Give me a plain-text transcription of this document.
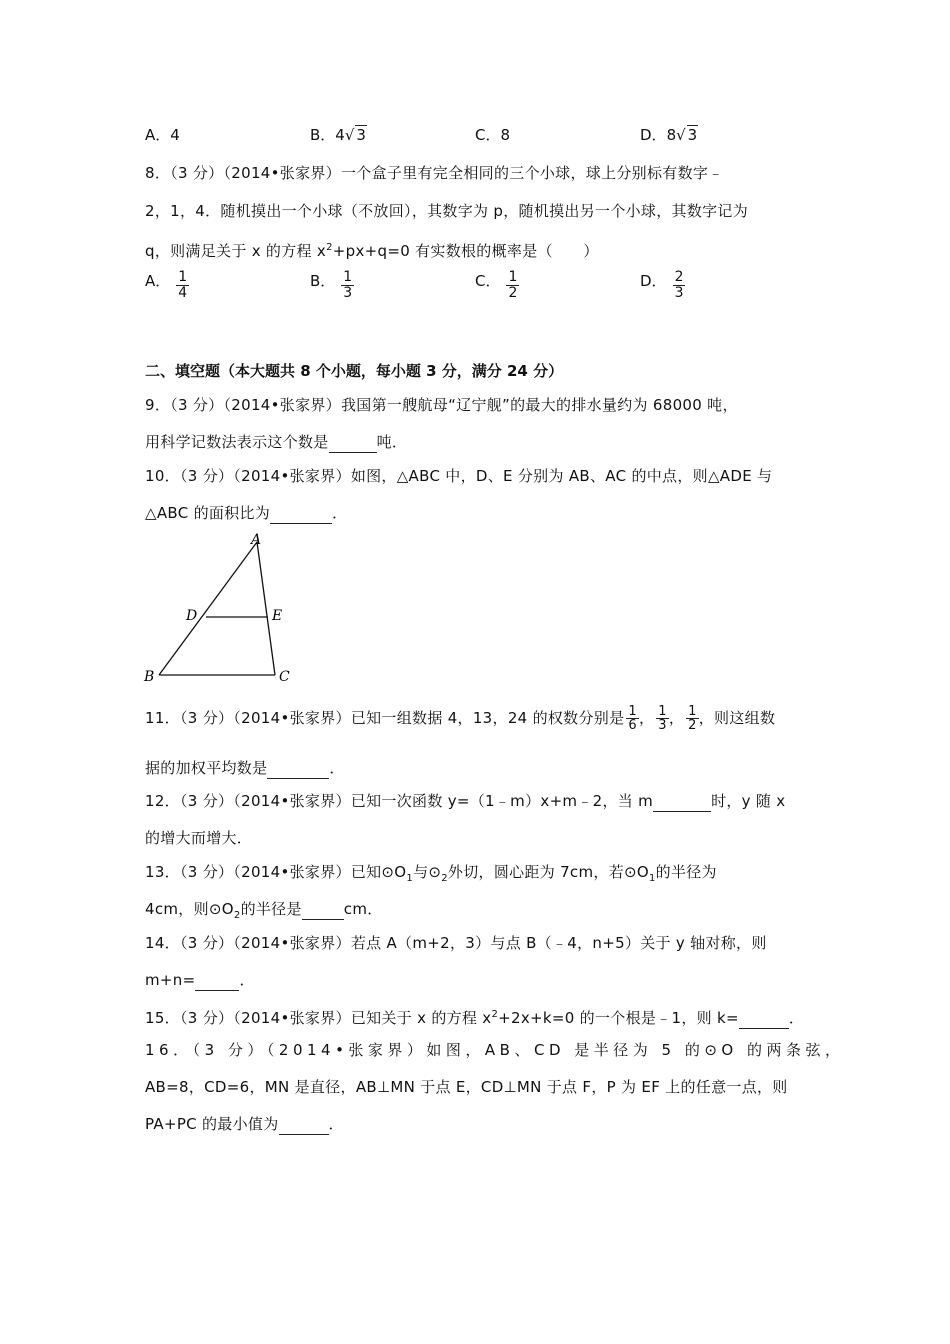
A．4	B．4√ 3	C．8	D．8√ 3
8．（3 分）（2014•张家界）一个盒子里有完全相同的三个小球，球上分别标有数字﹣
2，1，4．随机摸出一个小球（不放回），其数字为 p，随机摸出另一个小球，其数字记为
q，则满足关于 x 的方程 $x^2+px+q=0$ 有实数根的概率是（　　）
A． $\frac{1}{4}$	B． $\frac{1}{3}$	C． $\frac{1}{2}$	D． $\frac{2}{3}$
二、填空题（本大题共 8 个小题，每小题 3 分，满分 24 分）
9．（3 分）（2014•张家界）我国第一艘航母“辽宁舰”的最大的排水量约为 68000 吨，
用科学记数法表示这个数是	吨．
10．（3 分）（2014•张家界）如图，△ABC 中，D、E 分别为 AB、AC 的中点，则△ADE 与
△ABC 的面积比为	．
A
B	C
D	E
11．（3 分）（2014•张家界）已知一组数据 4，13，24 的权数分别是 $\frac{1}{6}$ ， $\frac{1}{3}$ ， $\frac{1}{2}$ ，则这组数
据的加权平均数是	．
12．（3 分）（2014•张家界）已知一次函数 y=（1﹣m）x+m﹣2，当 m	时，y 随 x
的增大而增大．
13．（3 分）（2014•张家界）已知$⊙O_1$与$⊙_2$外切，圆心距为 7cm，若$⊙O_1$的半径为
4cm，则$⊙O_2$的半径是	cm．
14．（3 分）（2014•张家界）若点 A（m+2，3）与点 B（﹣4，n+5）关于 y 轴对称，则
m+n=	．
15．（3 分）（2014•张家界）已知关于 x 的方程 $x^2+2x+k=0$ 的一个根是﹣1，则 k=	．
16．（3 分）（2014•张家界）如图，AB、CD 是半径为 5 的⊙O 的两条弦，
AB=8，CD=6，MN 是直径，AB⊥MN 于点 E，CD⊥MN 于点 F，P 为 EF 上的任意一点，则
PA+PC 的最小值为	．
